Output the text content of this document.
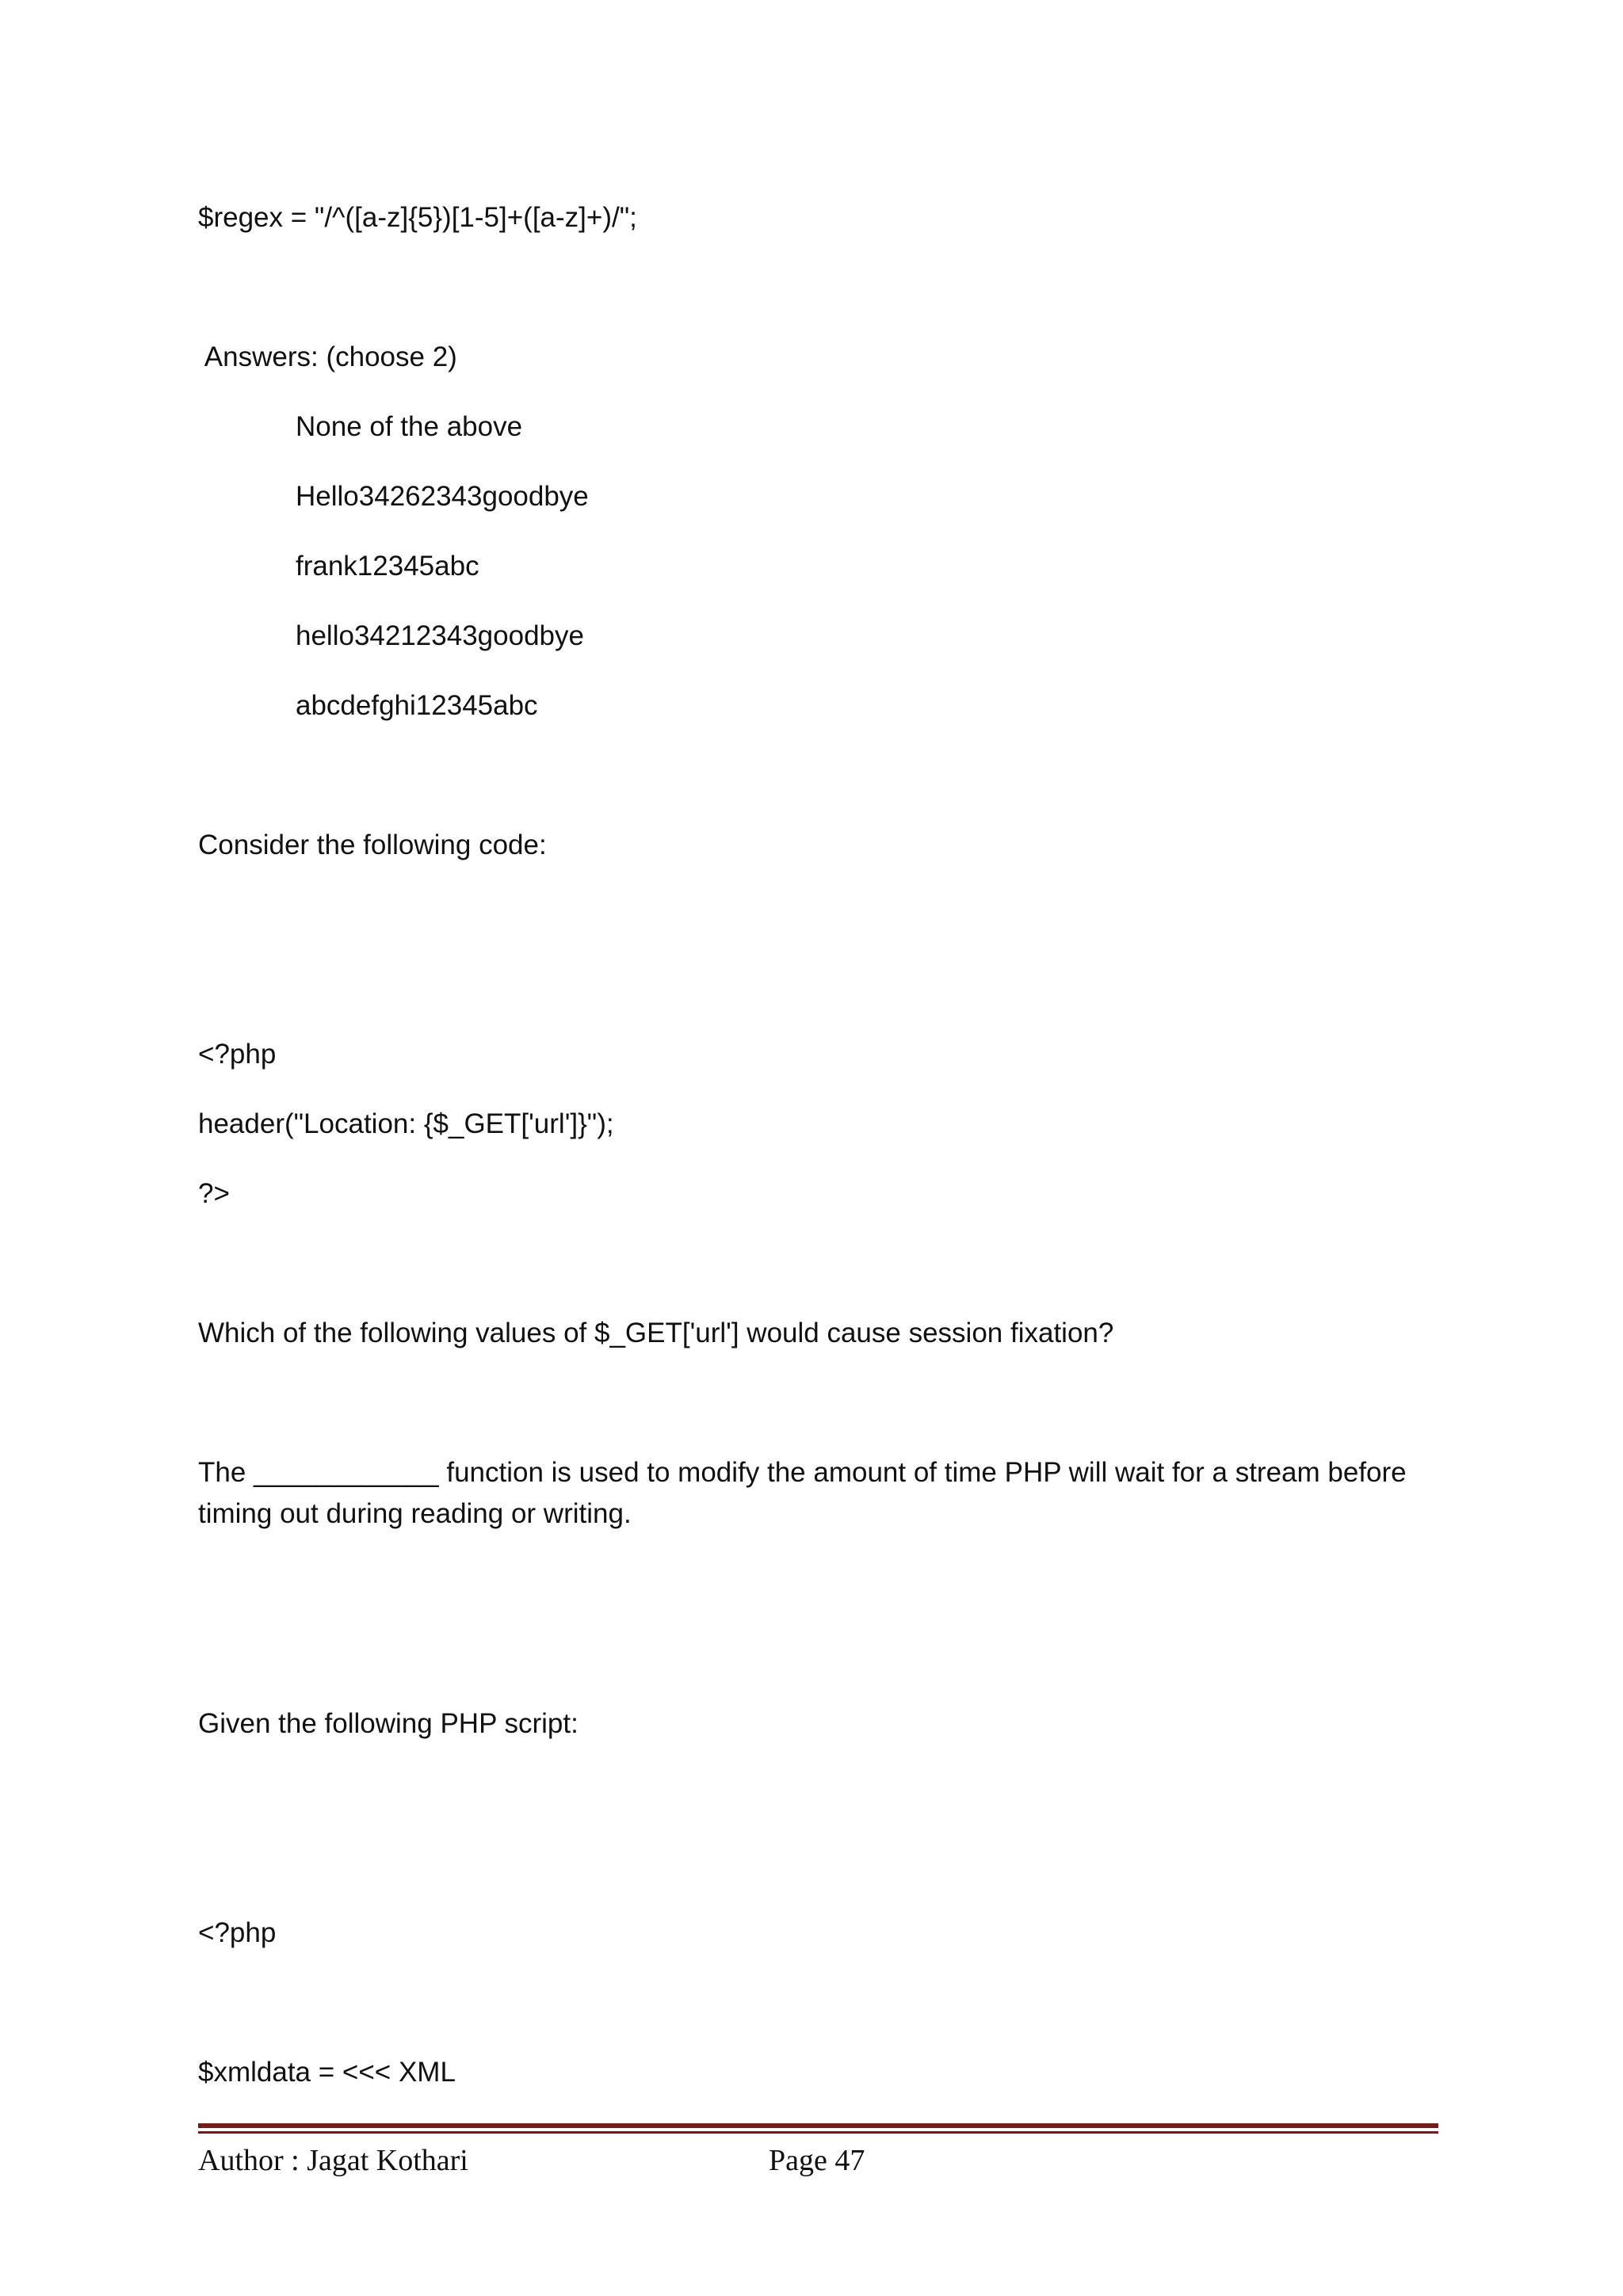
$regex = "/^([a-z]{5})[1-5]+([a-z]+)/";
Answers: (choose 2)
None of the above
Hello34262343goodbye
frank12345abc
hello34212343goodbye
abcdefghi12345abc
Consider the following code:
<?php
header("Location: {$_GET['url']}");
?>
Which of the following values of $_GET['url'] would cause session fixation?
The ____________ function is used to modify the amount of time PHP will wait for a stream before timing out during reading or writing.
Given the following PHP script:
<?php
$xmldata = <<< XML
Author : Jagat Kothari	Page 47
